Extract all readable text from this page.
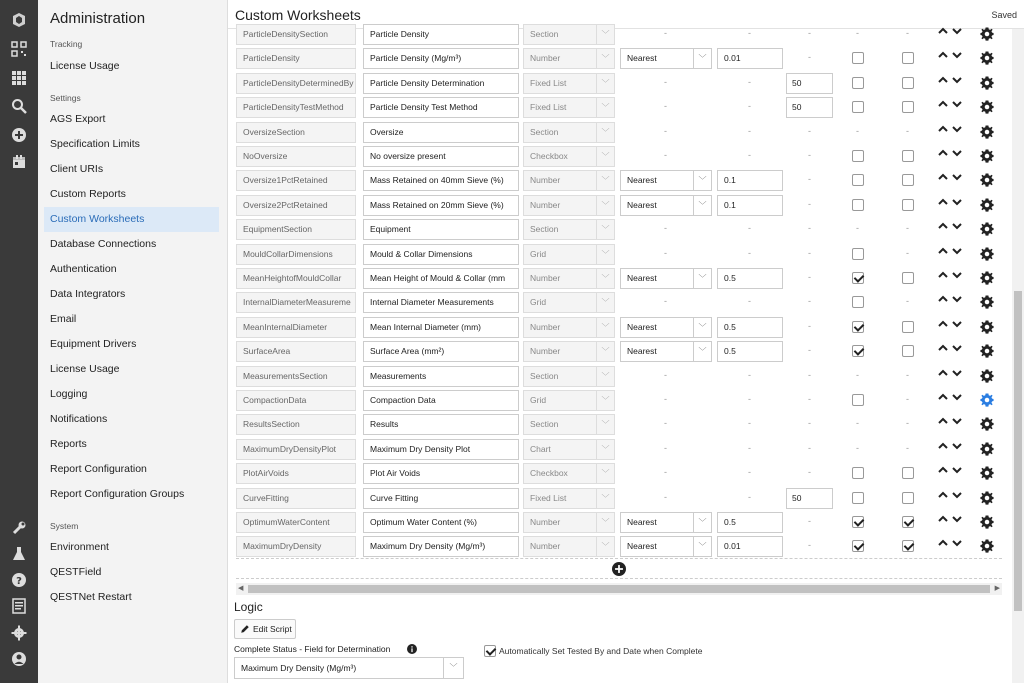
?
Administration
Tracking
License Usage
Settings
AGS Export
Specification Limits
Client URIs
Custom Reports
Custom Worksheets
Database Connections
Authentication
Data Integrators
Email
Equipment Drivers
License Usage
Logging
Notifications
Reports
Report Configuration
Report Configuration Groups
System
Environment
QESTField
QESTNet Restart
Custom Worksheets	Saved
ParticleDensitySection	Particle Density	Section	﹀	-	-	-	-	-
ParticleDensity	Particle Density (Mg/m³)	Number	﹀	Nearest	﹀	0.01	-
ParticleDensityDeterminedBy	Particle Density Determination	Fixed List	﹀	-	-	50
ParticleDensityTestMethod	Particle Density Test Method	Fixed List	﹀	-	-	50
OversizeSection	Oversize	Section	﹀	-	-	-	-	-
NoOversize	No oversize present	Checkbox	﹀	-	-	-
Oversize1PctRetained	Mass Retained on 40mm Sieve (%)	Number	﹀	Nearest	﹀	0.1	-
Oversize2PctRetained	Mass Retained on 20mm Sieve (%)	Number	﹀	Nearest	﹀	0.1	-
EquipmentSection	Equipment	Section	﹀	-	-	-	-	-
MouldCollarDimensions	Mould & Collar Dimensions	Grid	﹀	-	-	-	-
MeanHeightofMouldCollar	Mean Height of Mould & Collar (mm	Number	﹀	Nearest	﹀	0.5	-
InternalDiameterMeasureme	Internal Diameter Measurements	Grid	﹀	-	-	-	-
MeanInternalDiameter	Mean Internal Diameter (mm)	Number	﹀	Nearest	﹀	0.5	-
SurfaceArea	Surface Area (mm²)	Number	﹀	Nearest	﹀	0.5	-
MeasurementsSection	Measurements	Section	﹀	-	-	-	-	-
CompactionData	Compaction Data	Grid	﹀	-	-	-	-
ResultsSection	Results	Section	﹀	-	-	-	-	-
MaximumDryDensityPlot	Maximum Dry Density Plot	Chart	﹀	-	-	-	-	-
PlotAirVoids	Plot Air Voids	Checkbox	﹀	-	-	-
CurveFitting	Curve Fitting	Fixed List	﹀	-	-	50
OptimumWaterContent	Optimum Water Content (%)	Number	﹀	Nearest	﹀	0.5	-
MaximumDryDensity	Maximum Dry Density (Mg/m³)	Number	﹀	Nearest	﹀	0.01	-
◀	▶
Logic
Edit Script
Complete Status - Field for Determination
Maximum Dry Density (Mg/m³)	﹀
Automatically Set Tested By and Date when Complete
